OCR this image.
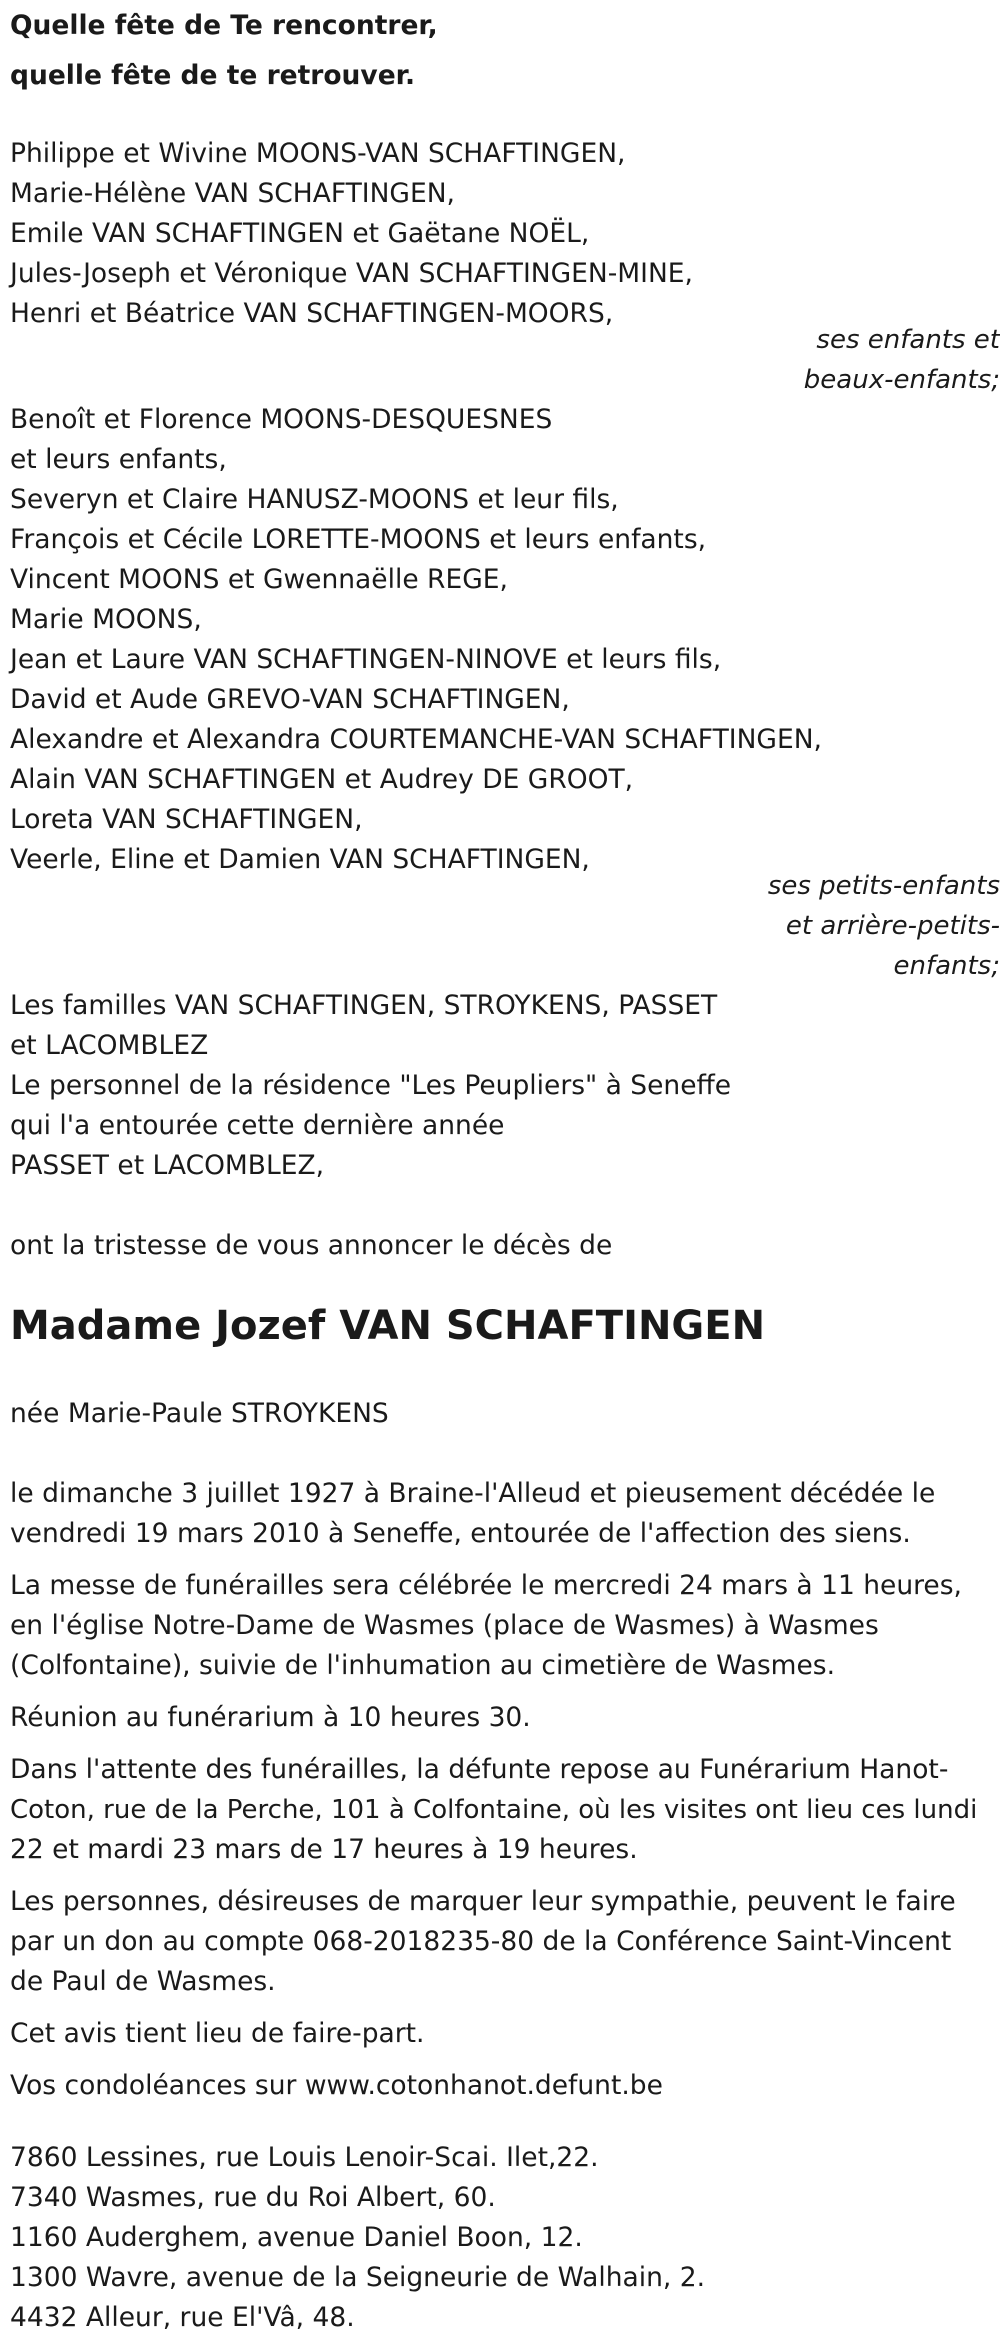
Quelle fête de Te rencontrer,
quelle fête de te retrouver.
Philippe et Wivine MOONS-VAN SCHAFTINGEN,
Marie-Hélène VAN SCHAFTINGEN,
Emile VAN SCHAFTINGEN et Gaëtane NOËL,
Jules-Joseph et Véronique VAN SCHAFTINGEN-MINE,
Henri et Béatrice VAN SCHAFTINGEN-MOORS,
ses enfants et
beaux-enfants;
Benoît et Florence MOONS-DESQUESNES
et leurs enfants,
Severyn et Claire HANUSZ-MOONS et leur fils,
François et Cécile LORETTE-MOONS et leurs enfants,
Vincent MOONS et Gwennaëlle REGE,
Marie MOONS,
Jean et Laure VAN SCHAFTINGEN-NINOVE et leurs fils,
David et Aude GREVO-VAN SCHAFTINGEN,
Alexandre et Alexandra COURTEMANCHE-VAN SCHAFTINGEN,
Alain VAN SCHAFTINGEN et Audrey DE GROOT,
Loreta VAN SCHAFTINGEN,
Veerle, Eline et Damien VAN SCHAFTINGEN,
ses petits-enfants
et arrière-petits-
enfants;
Les familles VAN SCHAFTINGEN, STROYKENS, PASSET
et LACOMBLEZ
Le personnel de la résidence "Les Peupliers" à Seneffe
qui l'a entourée cette dernière année
PASSET et LACOMBLEZ,
ont la tristesse de vous annoncer le décès de
Madame Jozef VAN SCHAFTINGEN
née Marie-Paule STROYKENS
le dimanche 3 juillet 1927 à Braine-l'Alleud et pieusement décédée le
vendredi 19 mars 2010 à Seneffe, entourée de l'affection des siens.
La messe de funérailles sera célébrée le mercredi 24 mars à 11 heures,
en l'église Notre-Dame de Wasmes (place de Wasmes) à Wasmes
(Colfontaine), suivie de l'inhumation au cimetière de Wasmes.
Réunion au funérarium à 10 heures 30.
Dans l'attente des funérailles, la défunte repose au Funérarium Hanot-
Coton, rue de la Perche, 101 à Colfontaine, où les visites ont lieu ces lundi
22 et mardi 23 mars de 17 heures à 19 heures.
Les personnes, désireuses de marquer leur sympathie, peuvent le faire
par un don au compte 068-2018235-80 de la Conférence Saint-Vincent
de Paul de Wasmes.
Cet avis tient lieu de faire-part.
Vos condoléances sur www.cotonhanot.defunt.be
7860 Lessines, rue Louis Lenoir-Scai. Ilet,22.
7340 Wasmes, rue du Roi Albert, 60.
1160 Auderghem, avenue Daniel Boon, 12.
1300 Wavre, avenue de la Seigneurie de Walhain, 2.
4432 Alleur, rue El'Vâ, 48.
